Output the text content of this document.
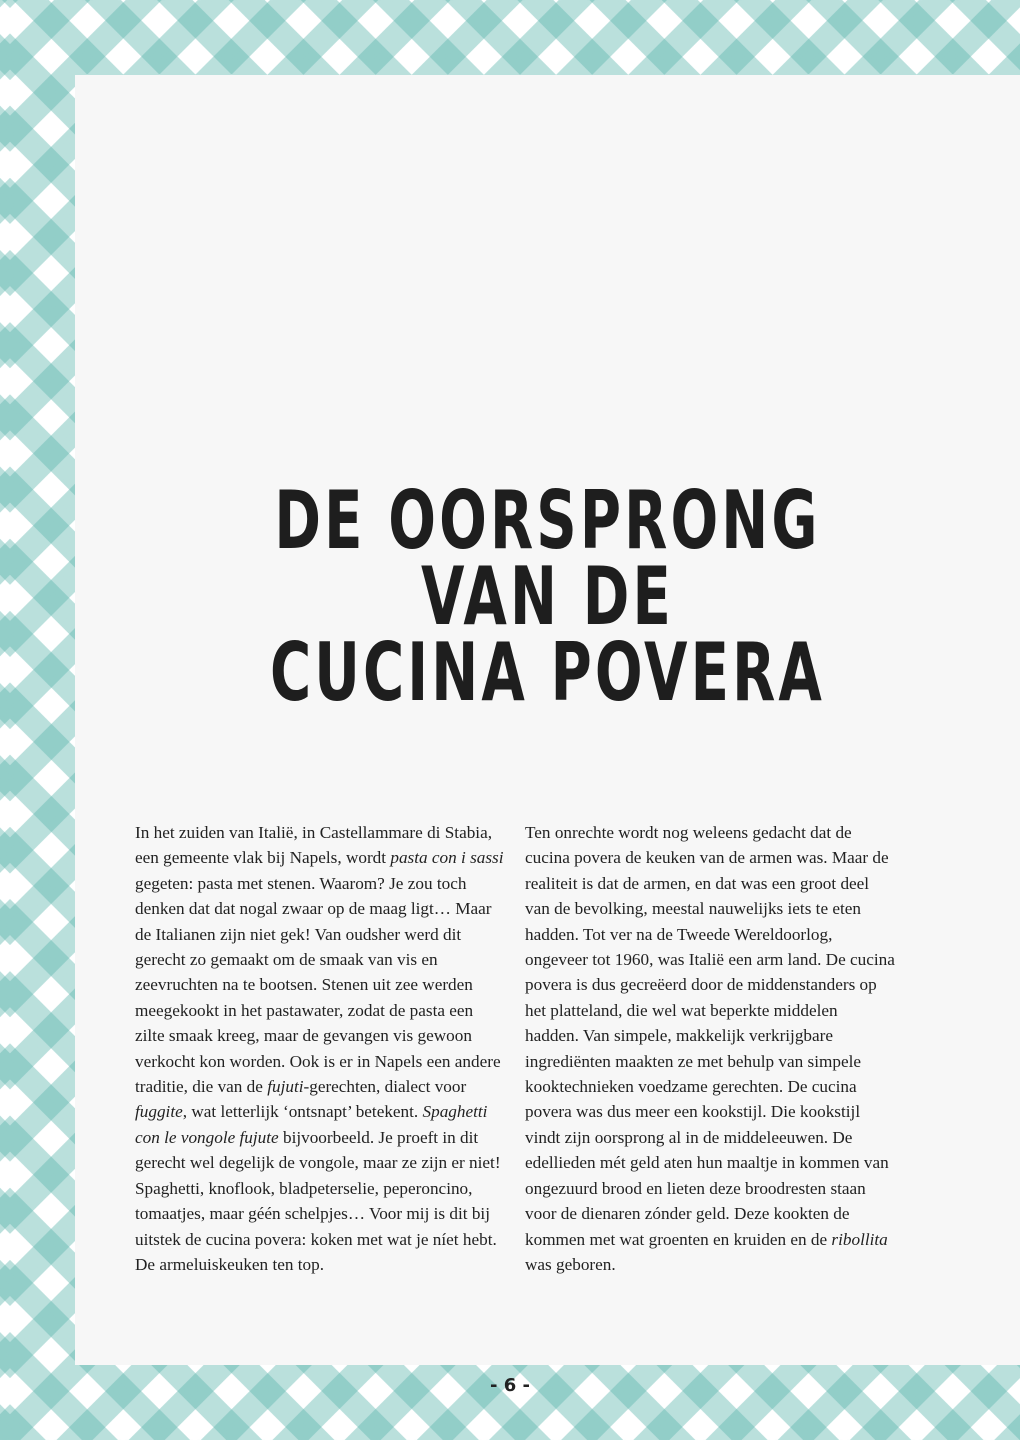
DE OORSPRONG
VAN DE
CUCINA POVERA

In het zuiden van Italië, in Castellammare di Stabia, een gemeente vlak bij Napels, wordt pasta con i sassi gegeten: pasta met stenen. Waarom? Je zou toch denken dat dat nogal zwaar op de maag ligt… Maar de Italianen zijn niet gek! Van oudsher werd dit gerecht zo gemaakt om de smaak van vis en zeevruchten na te bootsen. Stenen uit zee werden meegekookt in het pastawater, zodat de pasta een zilte smaak kreeg, maar de gevangen vis gewoon verkocht kon worden. Ook is er in Napels een andere traditie, die van de fujuti-gerechten, dialect voor fuggite, wat letterlijk ‘ontsnapt’ betekent. Spaghetti con le vongole fujute bijvoorbeeld. Je proeft in dit gerecht wel degelijk de vongole, maar ze zijn er niet! Spaghetti, knoflook, bladpeterselie, peperoncino, tomaatjes, maar géén schelpjes… Voor mij is dit bij uitstek de cucina povera: koken met wat je níet hebt. De armeluiskeuken ten top.

Ten onrechte wordt nog weleens gedacht dat de cucina povera de keuken van de armen was. Maar de realiteit is dat de armen, en dat was een groot deel van de bevolking, meestal nauwelijks iets te eten hadden. Tot ver na de Tweede Wereldoorlog, ongeveer tot 1960, was Italië een arm land. De cucina povera is dus gecreëerd door de middenstanders op het platteland, die wel wat beperkte middelen hadden. Van simpele, makkelijk verkrijgbare ingrediënten maakten ze met behulp van simpele kooktechnieken voedzame gerechten. De cucina povera was dus meer een kookstijl. Die kookstijl vindt zijn oorsprong al in de middeleeuwen. De edellieden mét geld aten hun maaltje in kommen van ongezuurd brood en lieten deze broodresten staan voor de dienaren zónder geld. Deze kookten de kommen met wat groenten en kruiden en de ribollita was geboren.

- 6 -
